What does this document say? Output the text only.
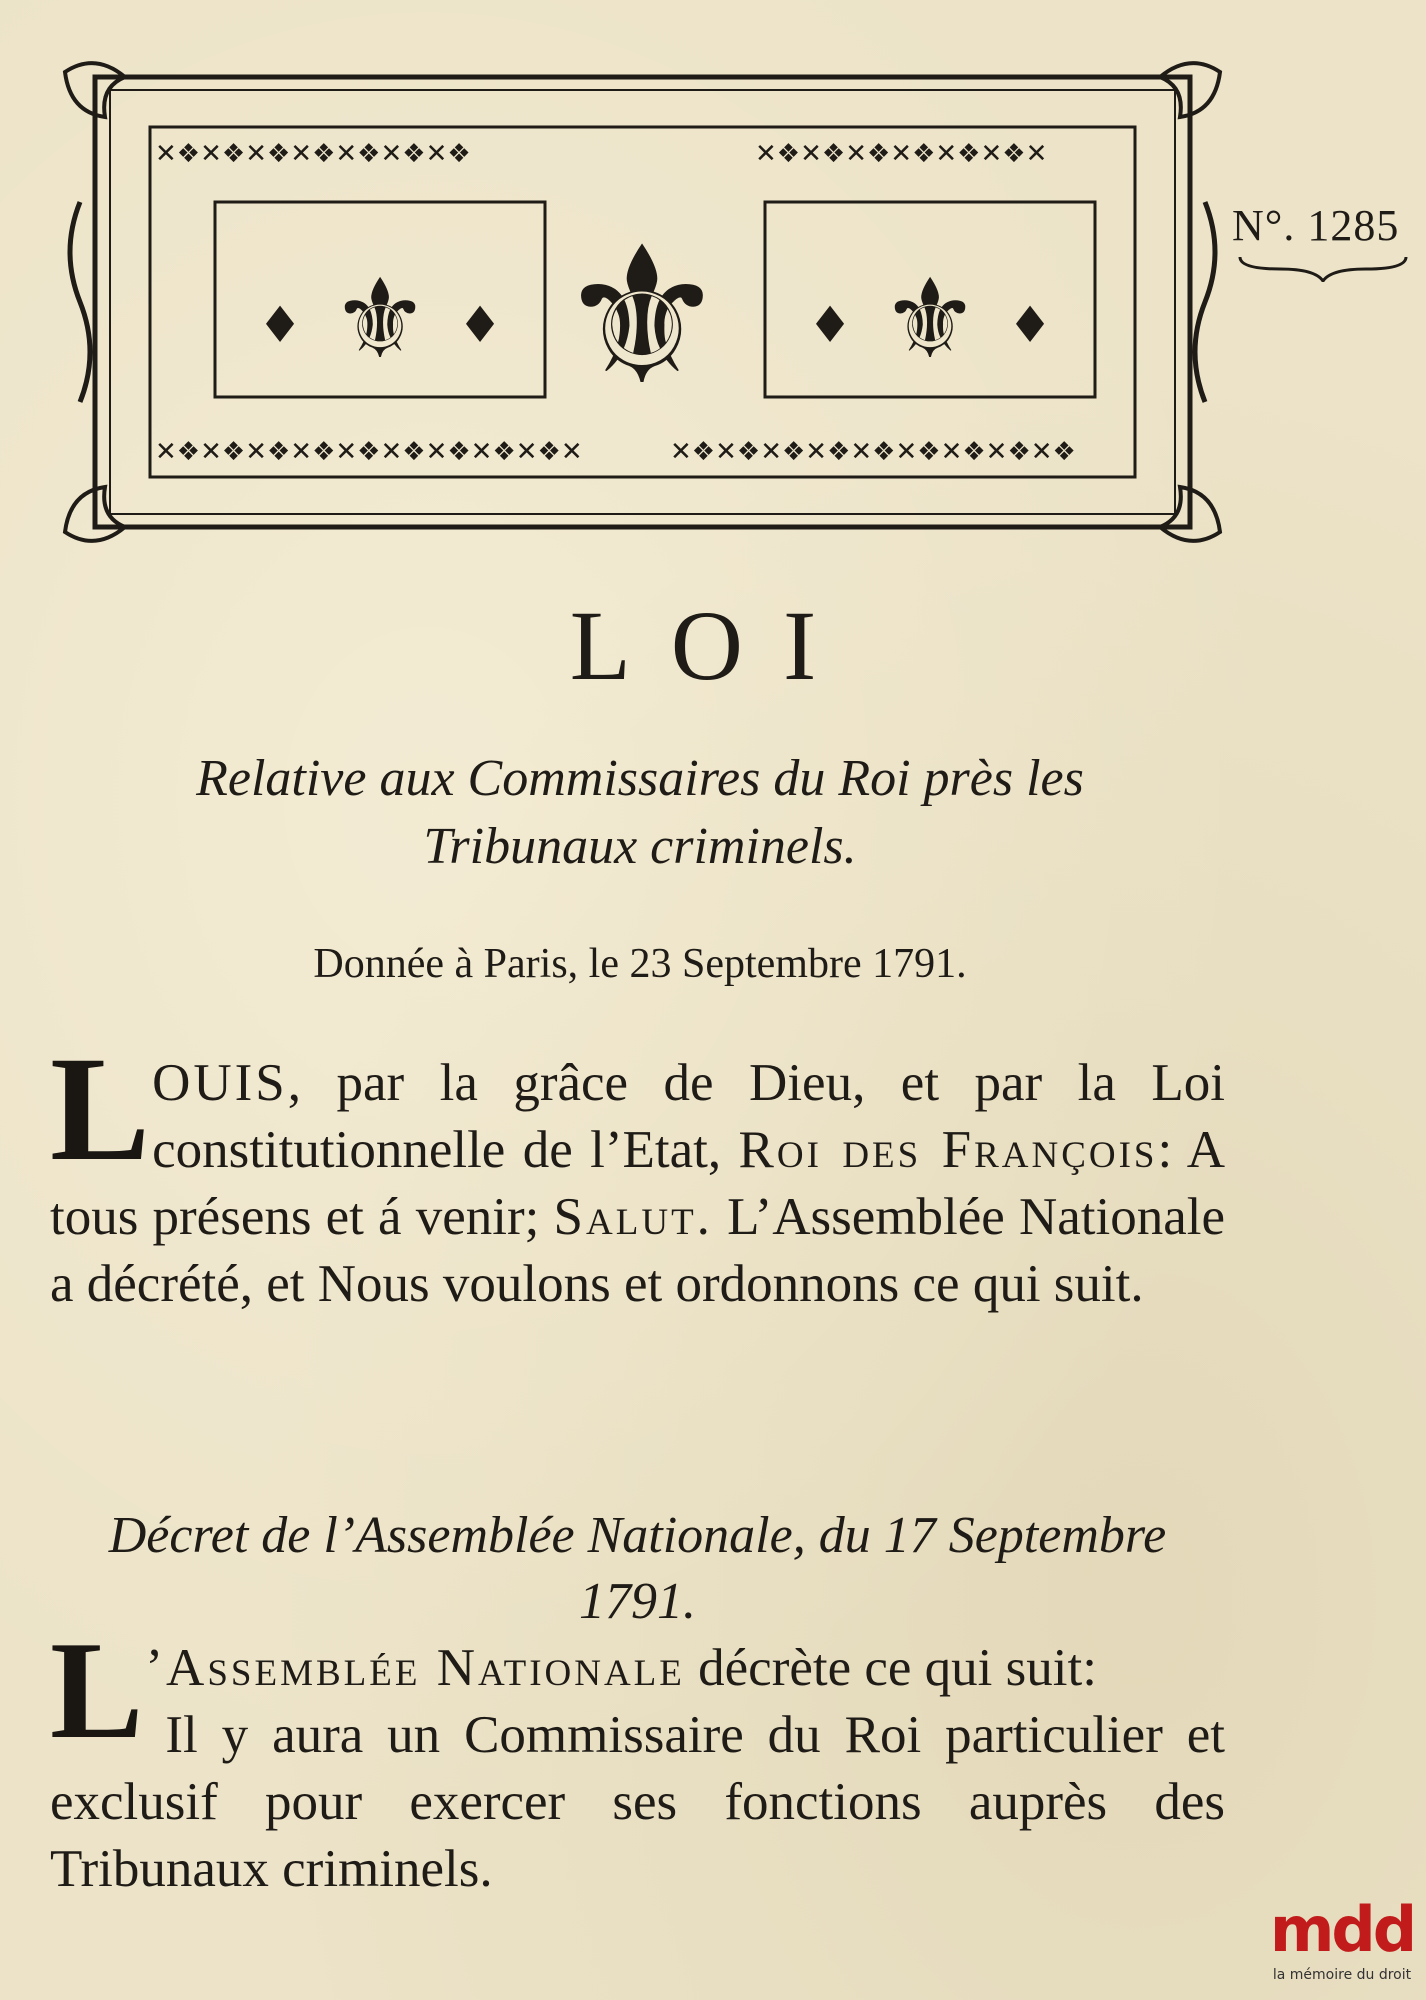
✕❖✕❖✕❖✕❖✕❖✕❖✕❖	✕❖✕❖✕❖✕❖✕❖✕❖✕
✕❖✕❖✕❖✕❖✕❖✕❖✕❖✕❖✕❖✕	✕❖✕❖✕❖✕❖✕❖✕❖✕❖✕❖✕❖
⚜ ⚜ ⚜
♦	♦	♦	♦
N°. 1285
LOI
Relative aux Commissaires du Roi près les
Tribunaux criminels.
Donnée à Paris, le 23 Septembre 1791.
LOUIS, par la grâce de Dieu, et par la Loi constitutionnelle de l’Etat, Roi des François: A tous présens et á venir; Salut. L’Assemblée Nationale a décrété, et Nous voulons et ordonnons ce qui suit.
Décret de l’Assemblée Nationale, du 17 Septembre 1791.
L ’Assemblée Nationale décrète ce qui suit:
Il y aura un Commissaire du Roi particulier et exclusif pour exercer ses fonctions auprès des Tribunaux criminels.
mdd
la mémoire du droit
